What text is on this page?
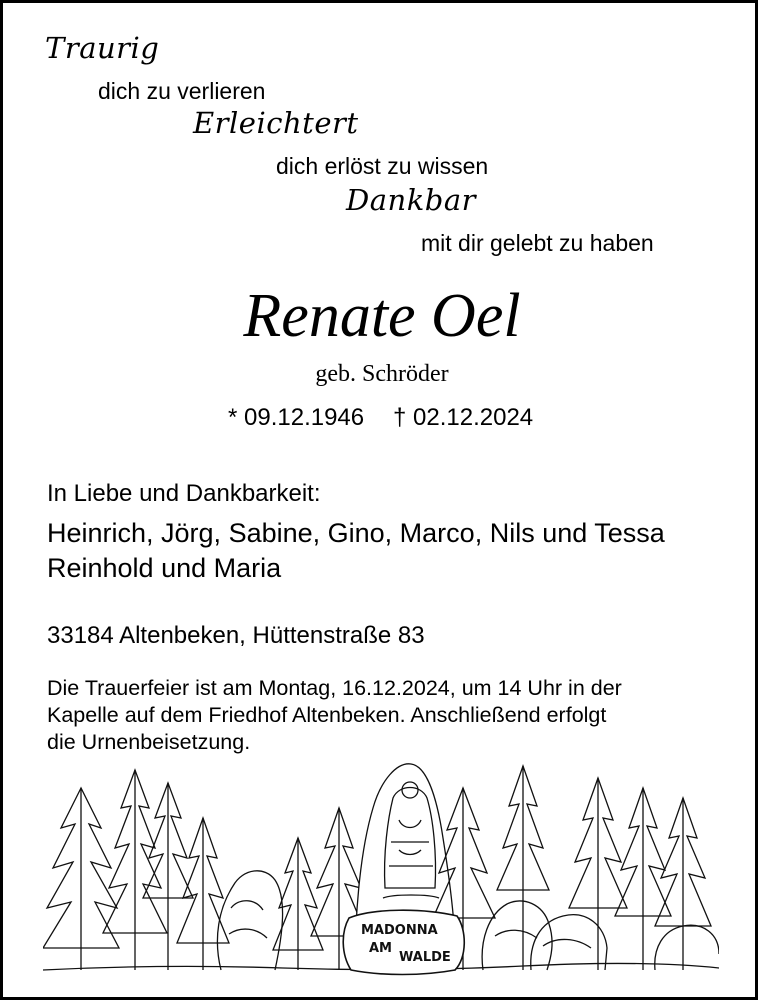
Traurig
dich zu verlieren
Erleichtert
dich erlöst zu wissen
Dankbar
mit dir gelebt zu haben
Renate Oel
geb. Schröder
* 09.12.1946 † 02.12.2024
In Liebe und Dankbarkeit:
Heinrich, Jörg, Sabine, Gino, Marco, Nils und Tessa
Reinhold und Maria
33184 Altenbeken, Hüttenstraße 83
Die Trauerfeier ist am Montag, 16.12.2024, um 14 Uhr in der
Kapelle auf dem Friedhof Altenbeken. Anschließend erfolgt
die Urnenbeisetzung.
MADONNA
AM
WALDE
